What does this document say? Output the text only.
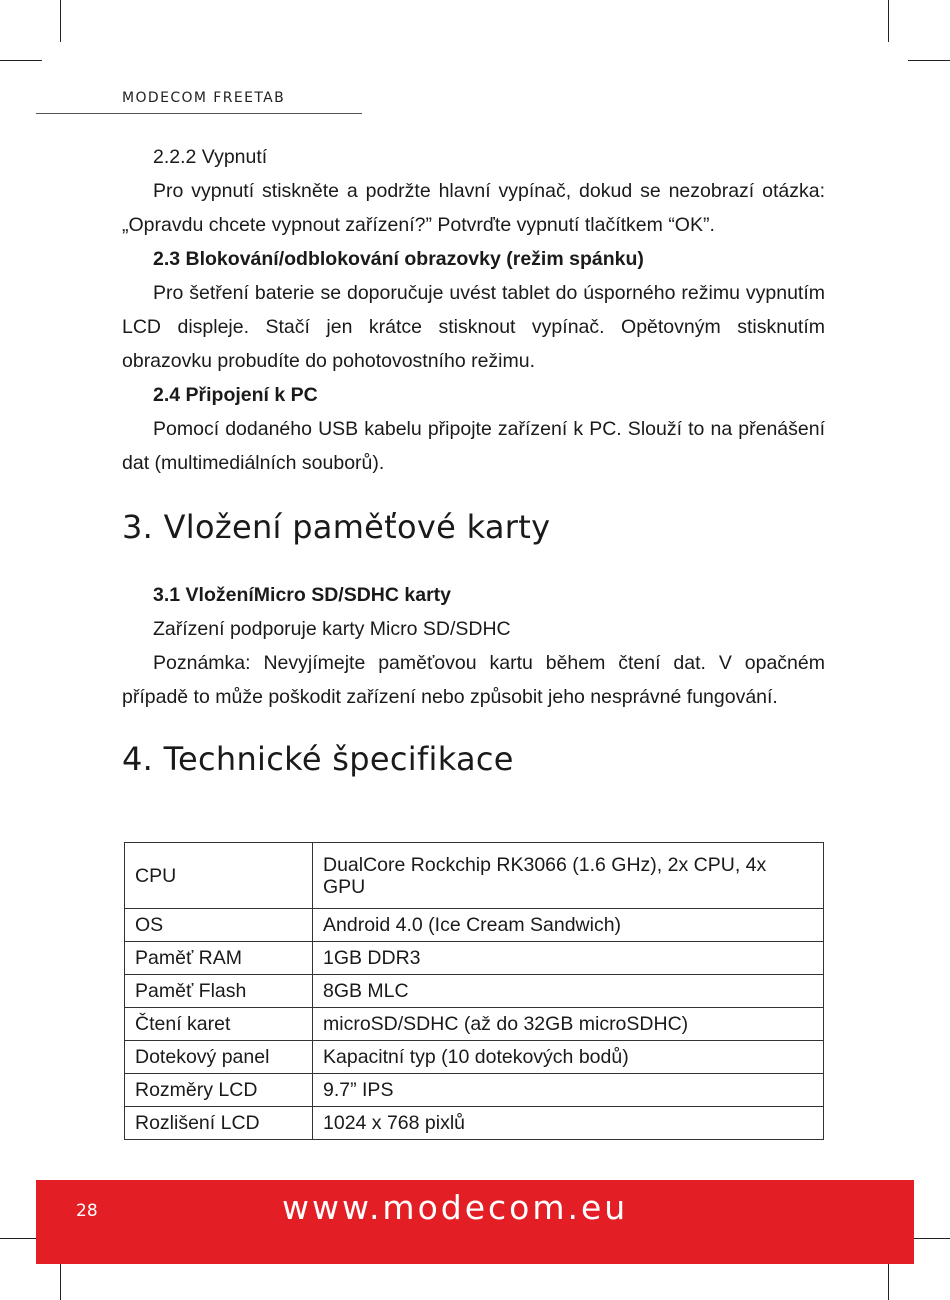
MODECOM FREETAB

2.2.2 Vypnutí

Pro vypnutí stiskněte a podržte hlavní vypínač, dokud se nezobrazí otázka: „Opravdu chcete vypnout zařízení?” Potvrďte vypnutí tlačítkem “OK”.

2.3 Blokování/odblokování obrazovky (režim spánku)

Pro šetření baterie se doporučuje uvést tablet do úsporného režimu vypnutím LCD displeje. Stačí jen krátce stisknout vypínač. Opětovným stisknutím obrazovku probudíte do pohotovostního režimu.

2.4 Připojení k PC

Pomocí dodaného USB kabelu připojte zařízení k PC. Slouží to na přenášení dat (multimediálních souborů).

3. Vložení paměťové karty

3.1 VloženíMicro SD/SDHC karty

Zařízení podporuje karty Micro SD/SDHC

Poznámka: Nevyjímejte paměťovou kartu během čtení dat. V opačném případě to může poškodit zařízení nebo způsobit jeho nesprávné fungování.

4. Technické špecifikace
CPU	DualCore Rockchip RK3066 (1.6 GHz), 2x CPU, 4x GPU
OS	Android 4.0 (Ice Cream Sandwich)
Paměť RAM	1GB DDR3
Paměť Flash	8GB MLC
Čtení karet	microSD/SDHC (až do 32GB microSDHC)
Dotekový panel	Kapacitní typ (10 dotekových bodů)
Rozměry LCD	9.7” IPS
Rozlišení LCD	1024 x 768 pixlů
28	www.modecom.eu
